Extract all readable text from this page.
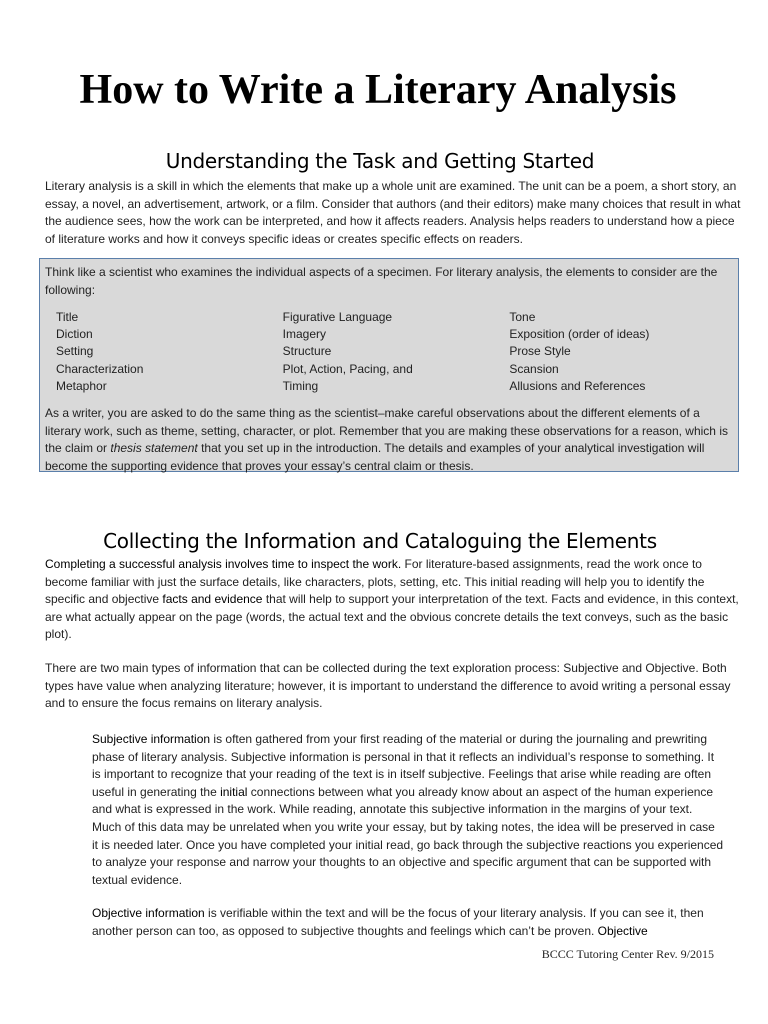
How to Write a Literary Analysis
Understanding the Task and Getting Started

Literary analysis is a skill in which the elements that make up a whole unit are examined. The unit can be a poem, a short story, an essay, a novel, an advertisement, artwork, or a film. Consider that authors (and their editors) make many choices that result in what the audience sees, how the work can be interpreted, and how it affects readers. Analysis helps readers to understand how a piece of literature works and how it conveys specific ideas or creates specific effects on readers.

Think like a scientist who examines the individual aspects of a specimen. For literary analysis, the elements to consider are the following:

Title
Diction
Setting
Characterization
Metaphor
Figurative Language
Imagery
Structure
Plot, Action, Pacing, and
Timing
Tone
Exposition (order of ideas)
Prose Style
Scansion
Allusions and References

As a writer, you are asked to do the same thing as the scientist–make careful observations about the different elements of a literary work, such as theme, setting, character, or plot. Remember that you are making these observations for a reason, which is the claim or thesis statement that you set up in the introduction. The details and examples of your analytical investigation will become the supporting evidence that proves your essay’s central claim or thesis.

Collecting the Information and Cataloguing the Elements

Completing a successful analysis involves time to inspect the work. For literature-based assignments, read the work once to become familiar with just the surface details, like characters, plots, setting, etc. This initial reading will help you to identify the specific and objective facts and evidence that will help to support your interpretation of the text. Facts and evidence, in this context, are what actually appear on the page (words, the actual text and the obvious concrete details the text conveys, such as the basic plot).

There are two main types of information that can be collected during the text exploration process: Subjective and Objective. Both types have value when analyzing literature; however, it is important to understand the difference to avoid writing a personal essay and to ensure the focus remains on literary analysis.

Subjective information is often gathered from your first reading of the material or during the journaling and prewriting phase of literary analysis. Subjective information is personal in that it reflects an individual’s response to something. It is important to recognize that your reading of the text is in itself subjective. Feelings that arise while reading are often useful in generating the initial connections between what you already know about an aspect of the human experience and what is expressed in the work. While reading, annotate this subjective information in the margins of your text. Much of this data may be unrelated when you write your essay, but by taking notes, the idea will be preserved in case it is needed later. Once you have completed your initial read, go back through the subjective reactions you experienced to analyze your response and narrow your thoughts to an objective and specific argument that can be supported with textual evidence.

Objective information is verifiable within the text and will be the focus of your literary analysis. If you can see it, then another person can too, as opposed to subjective thoughts and feelings which can’t be proven. Objective

BCCC Tutoring Center Rev. 9/2015
